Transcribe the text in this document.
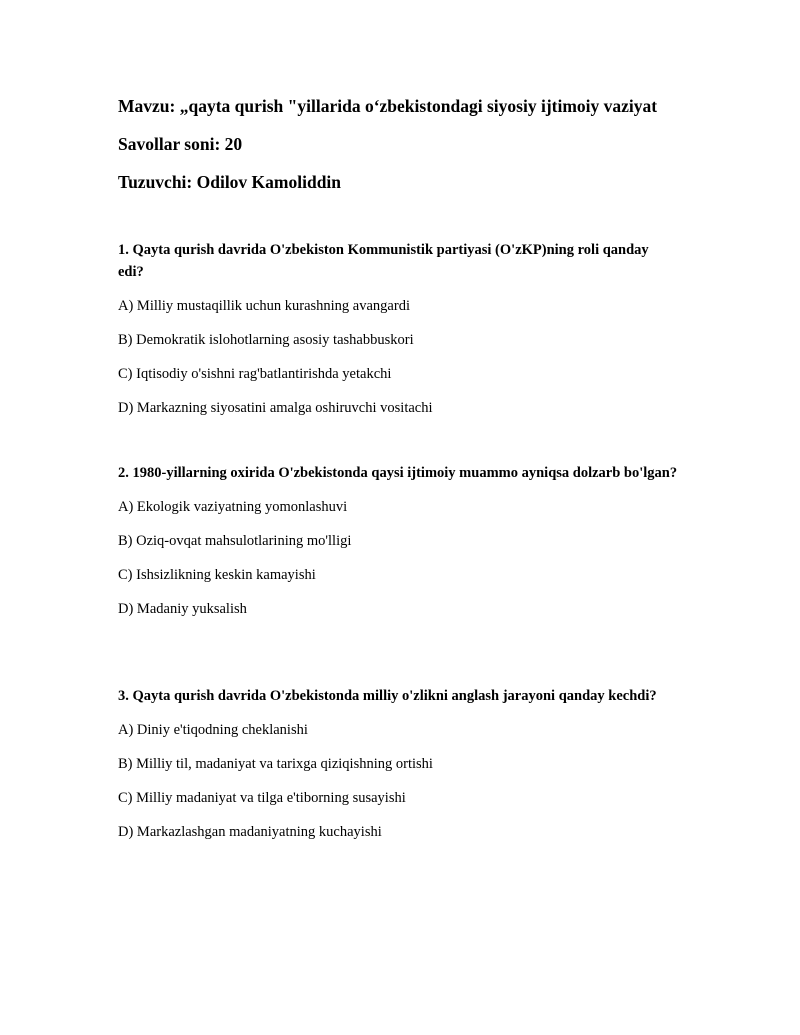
Mavzu: „qayta qurish "yillarida o‘zbekistondagi siyosiy ijtimoiy vaziyat
Savollar soni: 20
Tuzuvchi: Odilov Kamoliddin
1. Qayta qurish davrida O'zbekiston Kommunistik partiyasi (O'zKP)ning roli qanday edi?
A) Milliy mustaqillik uchun kurashning avangardi
B) Demokratik islohotlarning asosiy tashabbuskori
C) Iqtisodiy o'sishni rag'batlantirishda yetakchi
D) Markazning siyosatini amalga oshiruvchi vositachi
2. 1980-yillarning oxirida O'zbekistonda qaysi ijtimoiy muammo ayniqsa dolzarb bo'lgan?
A) Ekologik vaziyatning yomonlashuvi
B) Oziq-ovqat mahsulotlarining mo'lligi
C) Ishsizlikning keskin kamayishi
D) Madaniy yuksalish
3. Qayta qurish davrida O'zbekistonda milliy o'zlikni anglash jarayoni qanday kechdi?
A) Diniy e'tiqodning cheklanishi
B) Milliy til, madaniyat va tarixga qiziqishning ortishi
C) Milliy madaniyat va tilga e'tiborning susayishi
D) Markazlashgan madaniyatning kuchayishi
